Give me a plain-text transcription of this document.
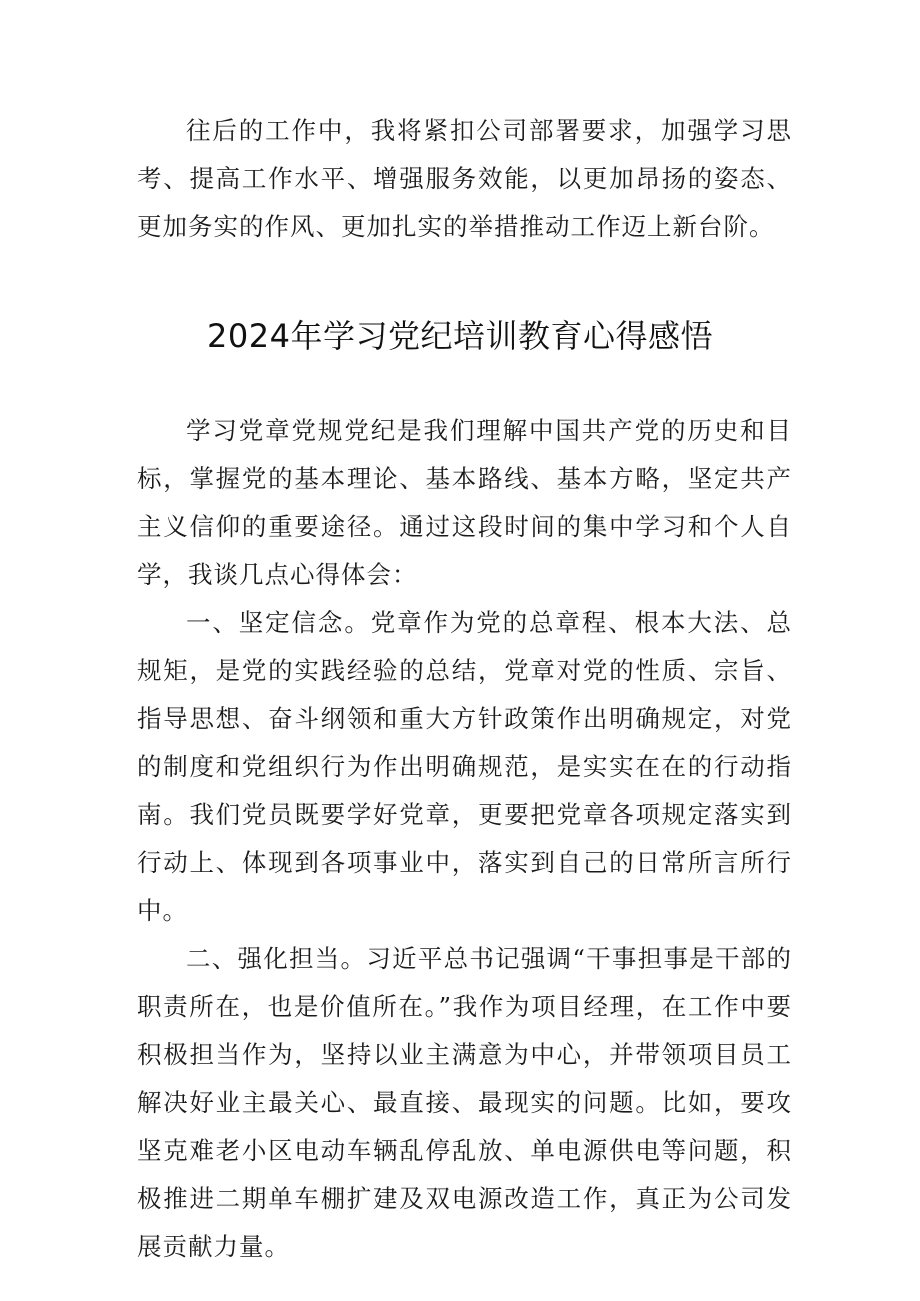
往后的工作中，我将紧扣公司部署要求，加强学习思考、提高工作水平、增强服务效能，以更加昂扬的姿态、更加务实的作风、更加扎实的举措推动工作迈上新台阶。

2024年学习党纪培训教育心得感悟

学习党章党规党纪是我们理解中国共产党的历史和目标，掌握党的基本理论、基本路线、基本方略，坚定共产主义信仰的重要途径。通过这段时间的集中学习和个人自学，我谈几点心得体会：

一、坚定信念。党章作为党的总章程、根本大法、总规矩，是党的实践经验的总结，党章对党的性质、宗旨、指导思想、奋斗纲领和重大方针政策作出明确规定，对党的制度和党组织行为作出明确规范，是实实在在的行动指南。我们党员既要学好党章，更要把党章各项规定落实到行动上、体现到各项事业中，落实到自己的日常所言所行中。

二、强化担当。习近平总书记强调“干事担事是干部的职责所在，也是价值所在。”我作为项目经理，在工作中要积极担当作为，坚持以业主满意为中心，并带领项目员工解决好业主最关心、最直接、最现实的问题。比如，要攻坚克难老小区电动车辆乱停乱放、单电源供电等问题，积极推进二期单车棚扩建及双电源改造工作，真正为公司发展贡献力量。
